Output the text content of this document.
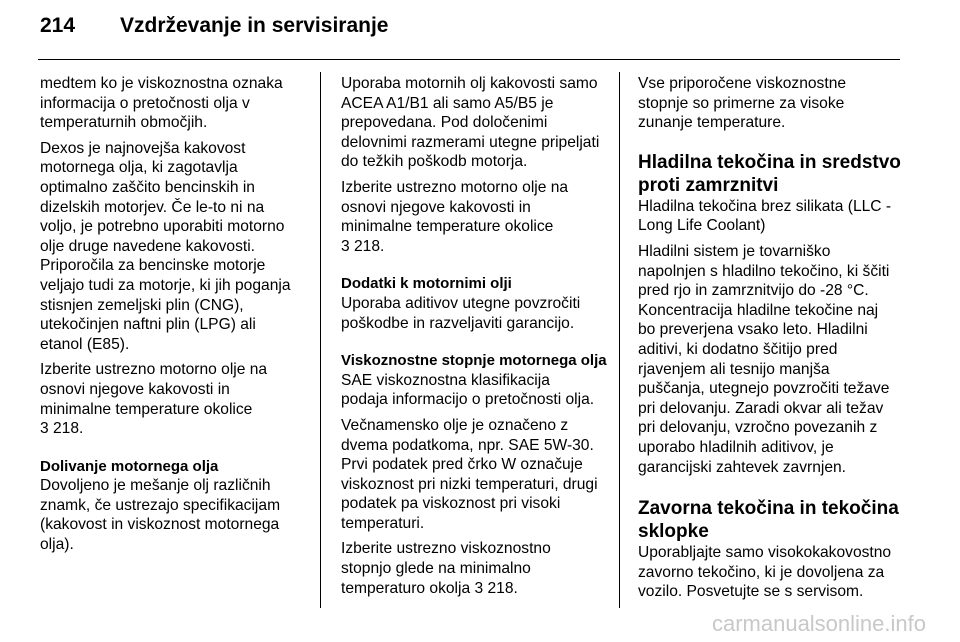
214 Vzdrževanje in servisiranje

medtem ko je viskoznostna oznaka
informacija o pretočnosti olja v
temperaturnih območjih.

Dexos je najnovejša kakovost
motornega olja, ki zagotavlja
optimalno zaščito bencinskih in
dizelskih motorjev. Če le-to ni na
voljo, je potrebno uporabiti motorno
olje druge navedene kakovosti.
Priporočila za bencinske motorje
veljajo tudi za motorje, ki jih poganja
stisnjen zemeljski plin (CNG),
utekočinjen naftni plin (LPG) ali
etanol (E85).

Izberite ustrezno motorno olje na
osnovi njegove kakovosti in
minimalne temperature okolice
3 218.

Dolivanje motornega olja

Dovoljeno je mešanje olj različnih
znamk, če ustrezajo specifikacijam
(kakovost in viskoznost motornega
olja).

Uporaba motornih olj kakovosti samo
ACEA A1/B1 ali samo A5/B5 je
prepovedana. Pod določenimi
delovnimi razmerami utegne pripeljati
do težkih poškodb motorja.

Izberite ustrezno motorno olje na
osnovi njegove kakovosti in
minimalne temperature okolice
3 218.

Dodatki k motornimi olji

Uporaba aditivov utegne povzročiti
poškodbe in razveljaviti garancijo.

Viskoznostne stopnje motornega olja

SAE viskoznostna klasifikacija
podaja informacijo o pretočnosti olja.

Večnamensko olje je označeno z
dvema podatkoma, npr. SAE 5W-30.
Prvi podatek pred črko W označuje
viskoznost pri nizki temperaturi, drugi
podatek pa viskoznost pri visoki
temperaturi.

Izberite ustrezno viskoznostno
stopnjo glede na minimalno
temperaturo okolja 3 218.

Vse priporočene viskoznostne
stopnje so primerne za visoke
zunanje temperature.

Hladilna tekočina in sredstvo
proti zamrznitvi

Hladilna tekočina brez silikata (LLC -
Long Life Coolant)

Hladilni sistem je tovarniško
napolnjen s hladilno tekočino, ki ščiti
pred rjo in zamrznitvijo do -28 °C.
Koncentracija hladilne tekočine naj
bo preverjena vsako leto. Hladilni
aditivi, ki dodatno ščitijo pred
rjavenjem ali tesnijo manjša
puščanja, utegnejo povzročiti težave
pri delovanju. Zaradi okvar ali težav
pri delovanju, vzročno povezanih z
uporabo hladilnih aditivov, je
garancijski zahtevek zavrnjen.

Zavorna tekočina in tekočina
sklopke

Uporabljajte samo visokokakovostno
zavorno tekočino, ki je dovoljena za
vozilo. Posvetujte se s servisom.

carmanualsonline.info
